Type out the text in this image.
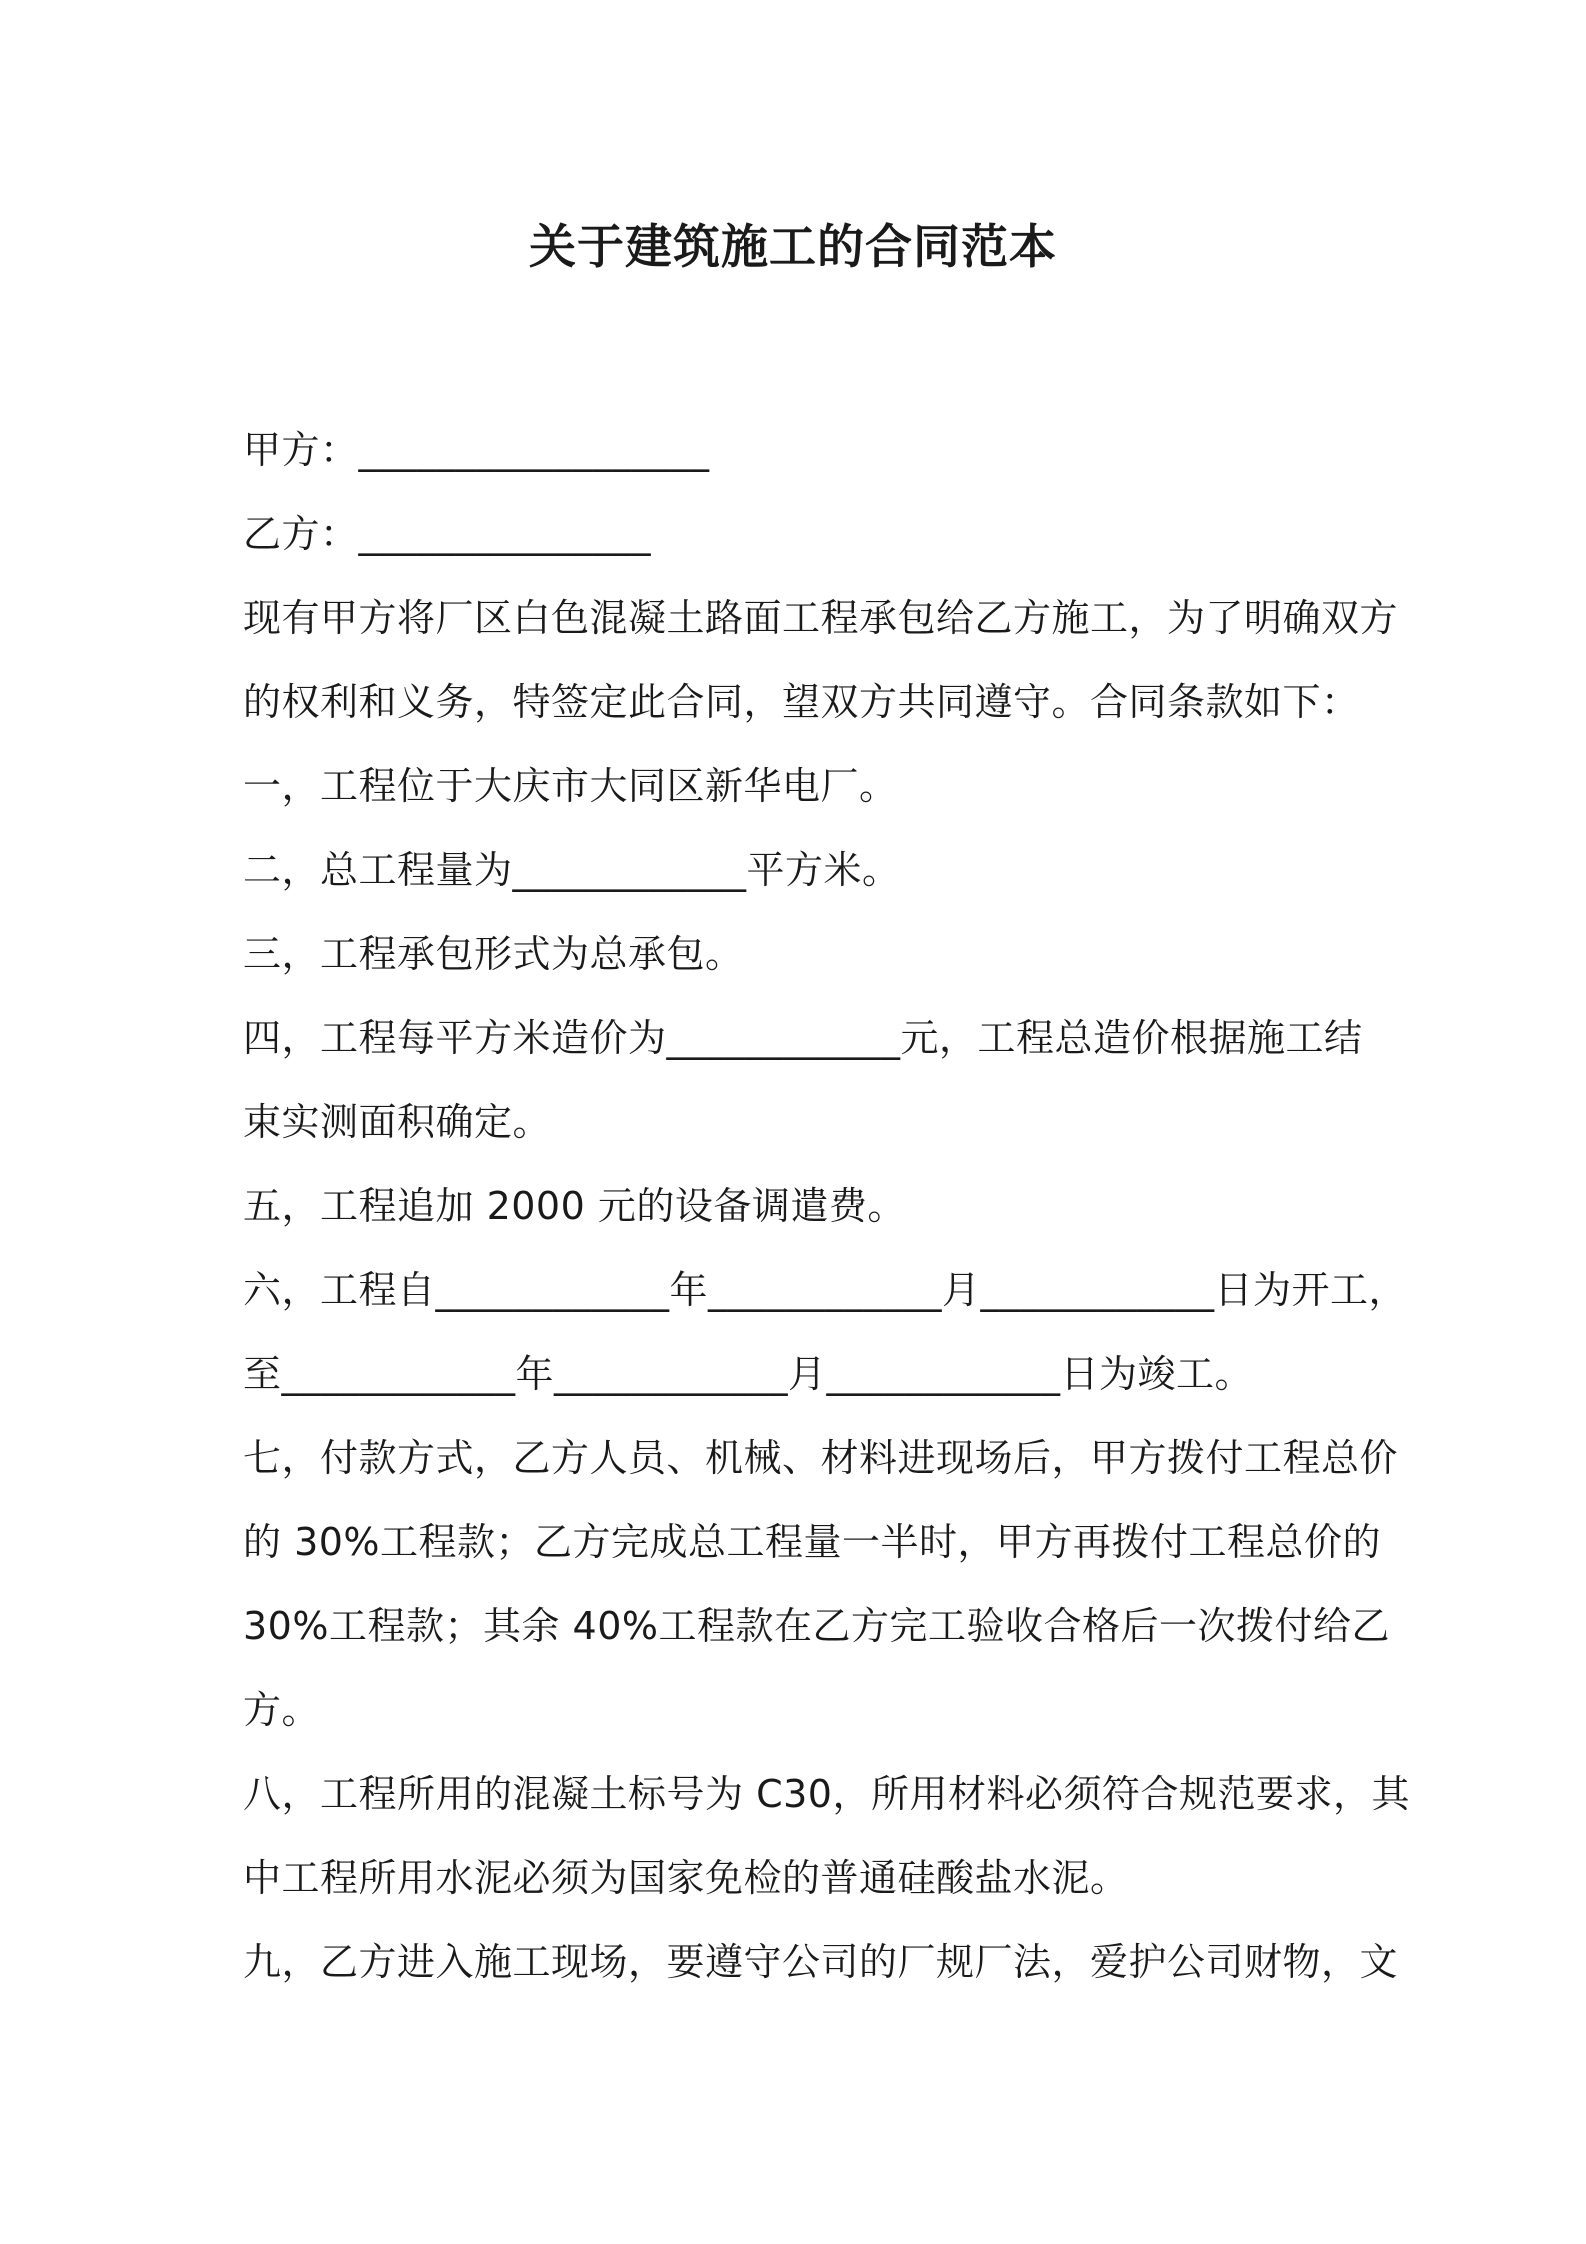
关于建筑施工的合同范本
甲方：__________________
乙方：_______________
现有甲方将厂区白色混凝土路面工程承包给乙方施工，为了明确双方
的权利和义务，特签定此合同，望双方共同遵守。合同条款如下：
一，工程位于大庆市大同区新华电厂。
二，总工程量为____________平方米。
三，工程承包形式为总承包。
四，工程每平方米造价为____________元，工程总造价根据施工结
束实测面积确定。
五，工程追加 2000 元的设备调遣费。
六，工程自____________年____________月____________日为开工，
至____________年____________月____________日为竣工。
七，付款方式，乙方人员、机械、材料进现场后，甲方拨付工程总价
的 30%工程款；乙方完成总工程量一半时，甲方再拨付工程总价的
30%工程款；其余 40%工程款在乙方完工验收合格后一次拨付给乙
方。
八，工程所用的混凝土标号为 C30，所用材料必须符合规范要求，其
中工程所用水泥必须为国家免检的普通硅酸盐水泥。
九，乙方进入施工现场，要遵守公司的厂规厂法，爱护公司财物，文
